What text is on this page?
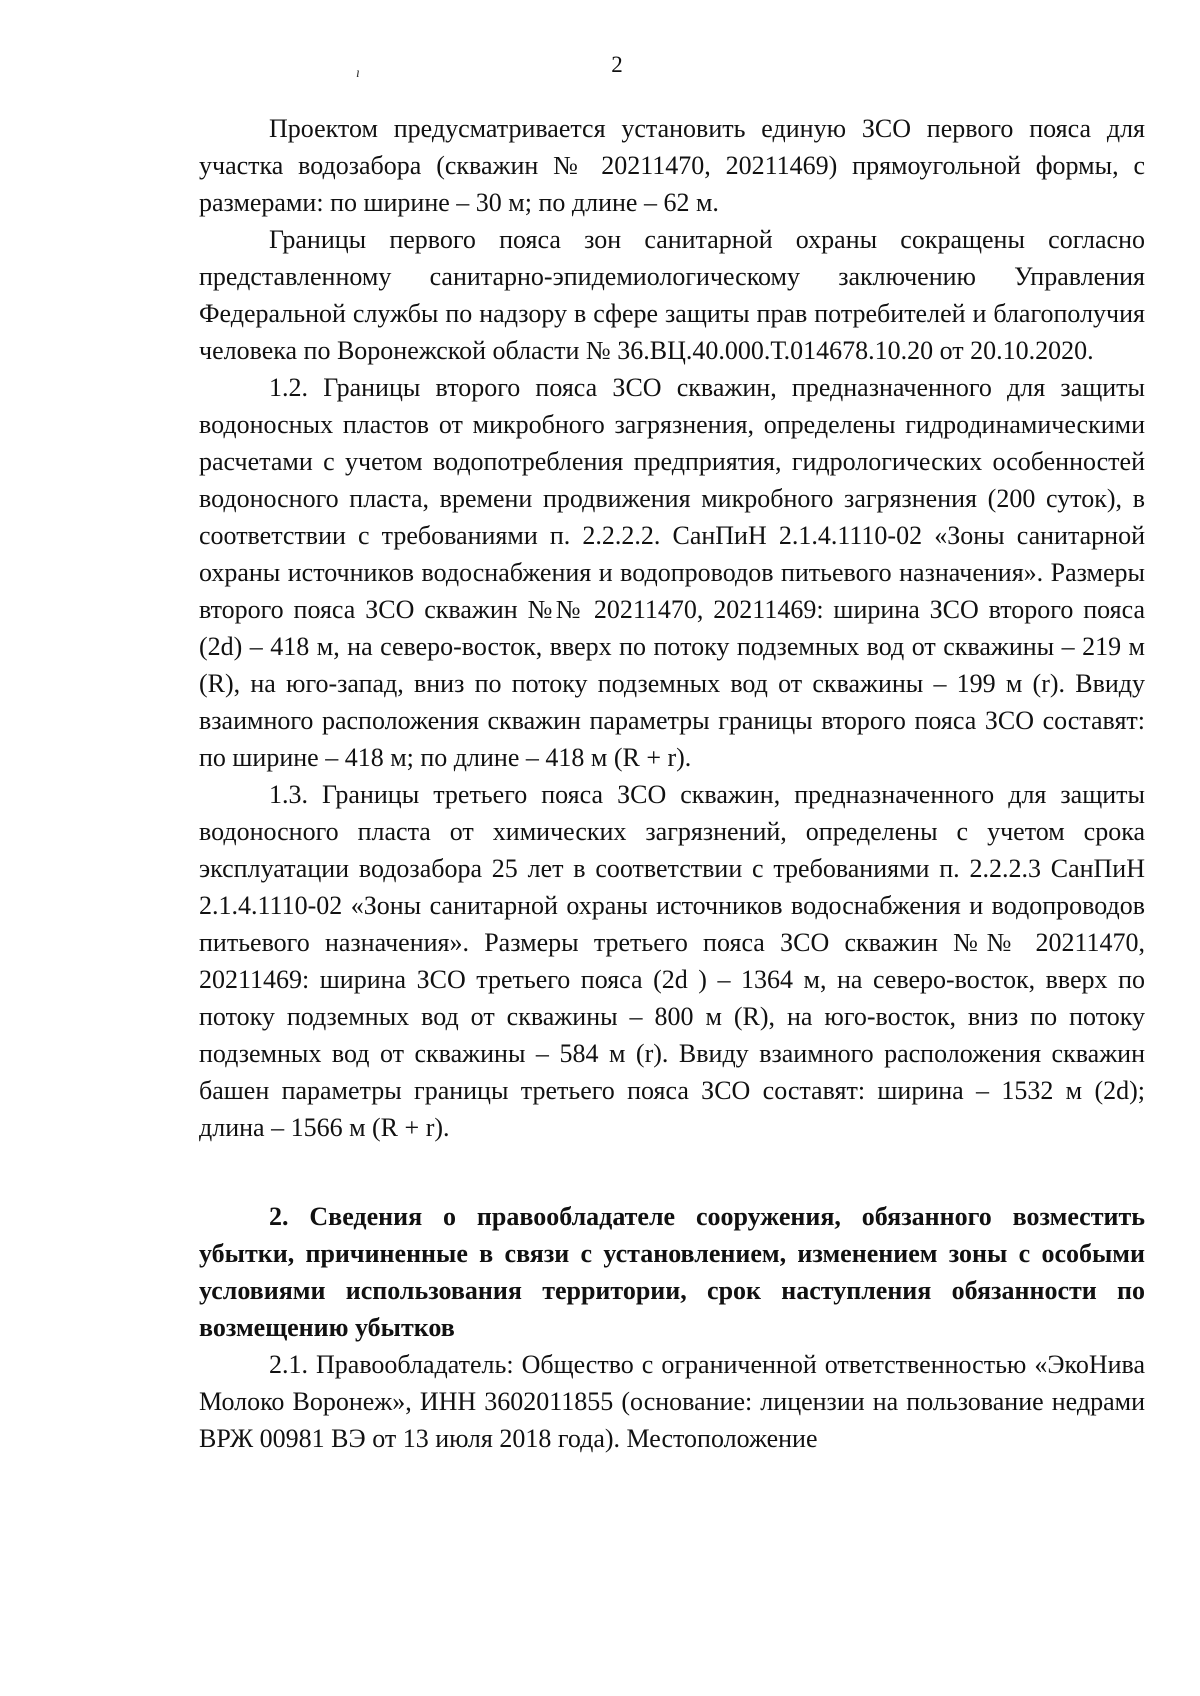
ı	2

Проектом предусматривается установить единую ЗСО первого пояса для участка водозабора (скважин № 20211470, 20211469) прямоугольной формы, с размерами: по ширине – 30 м; по длине – 62 м.

Границы первого пояса зон санитарной охраны сокращены согласно представленному санитарно-эпидемиологическому заключению Управления Федеральной службы по надзору в сфере защиты прав потребителей и благополучия человека по Воронежской области № 36.ВЦ.40.000.Т.014678.10.20 от 20.10.2020.

1.2. Границы второго пояса ЗСО скважин, предназначенного для защиты водоносных пластов от микробного загрязнения, определены гидродинамическими расчетами с учетом водопотребления предприятия, гидрологических особенностей водоносного пласта, времени продвижения микробного загрязнения (200 суток), в соответствии с требованиями п. 2.2.2.2. СанПиН 2.1.4.1110-02 «Зоны санитарной охраны источников водоснабжения и водопроводов питьевого назначения». Размеры второго пояса ЗСО скважин №№ 20211470, 20211469: ширина ЗСО второго пояса (2d) – 418 м, на северо-восток, вверх по потоку подземных вод от скважины – 219 м (R), на юго-запад, вниз по потоку подземных вод от скважины – 199 м (r). Ввиду взаимного расположения скважин параметры границы второго пояса ЗСО составят: по ширине – 418 м; по длине – 418 м (R + r).

1.3. Границы третьего пояса ЗСО скважин, предназначенного для защиты водоносного пласта от химических загрязнений, определены с учетом срока эксплуатации водозабора 25 лет в соответствии с требованиями п. 2.2.2.3 СанПиН 2.1.4.1110-02 «Зоны санитарной охраны источников водоснабжения и водопроводов питьевого назначения». Размеры третьего пояса ЗСО скважин №№ 20211470, 20211469: ширина ЗСО третьего пояса (2d ) – 1364 м, на северо-восток, вверх по потоку подземных вод от скважины – 800 м (R), на юго-восток, вниз по потоку подземных вод от скважины – 584 м (r). Ввиду взаимного расположения скважин башен параметры границы третьего пояса ЗСО составят: ширина – 1532 м (2d); длина – 1566 м (R + r).

2. Сведения о правообладателе сооружения, обязанного возместить убытки, причиненные в связи с установлением, изменением зоны с особыми условиями использования территории, срок наступления обязанности по возмещению убытков

2.1. Правообладатель: Общество с ограниченной ответственностью «ЭкоНива Молоко Воронеж», ИНН 3602011855 (основание: лицензии на пользование недрами ВРЖ 00981 ВЭ от 13 июля 2018 года). Местоположение
